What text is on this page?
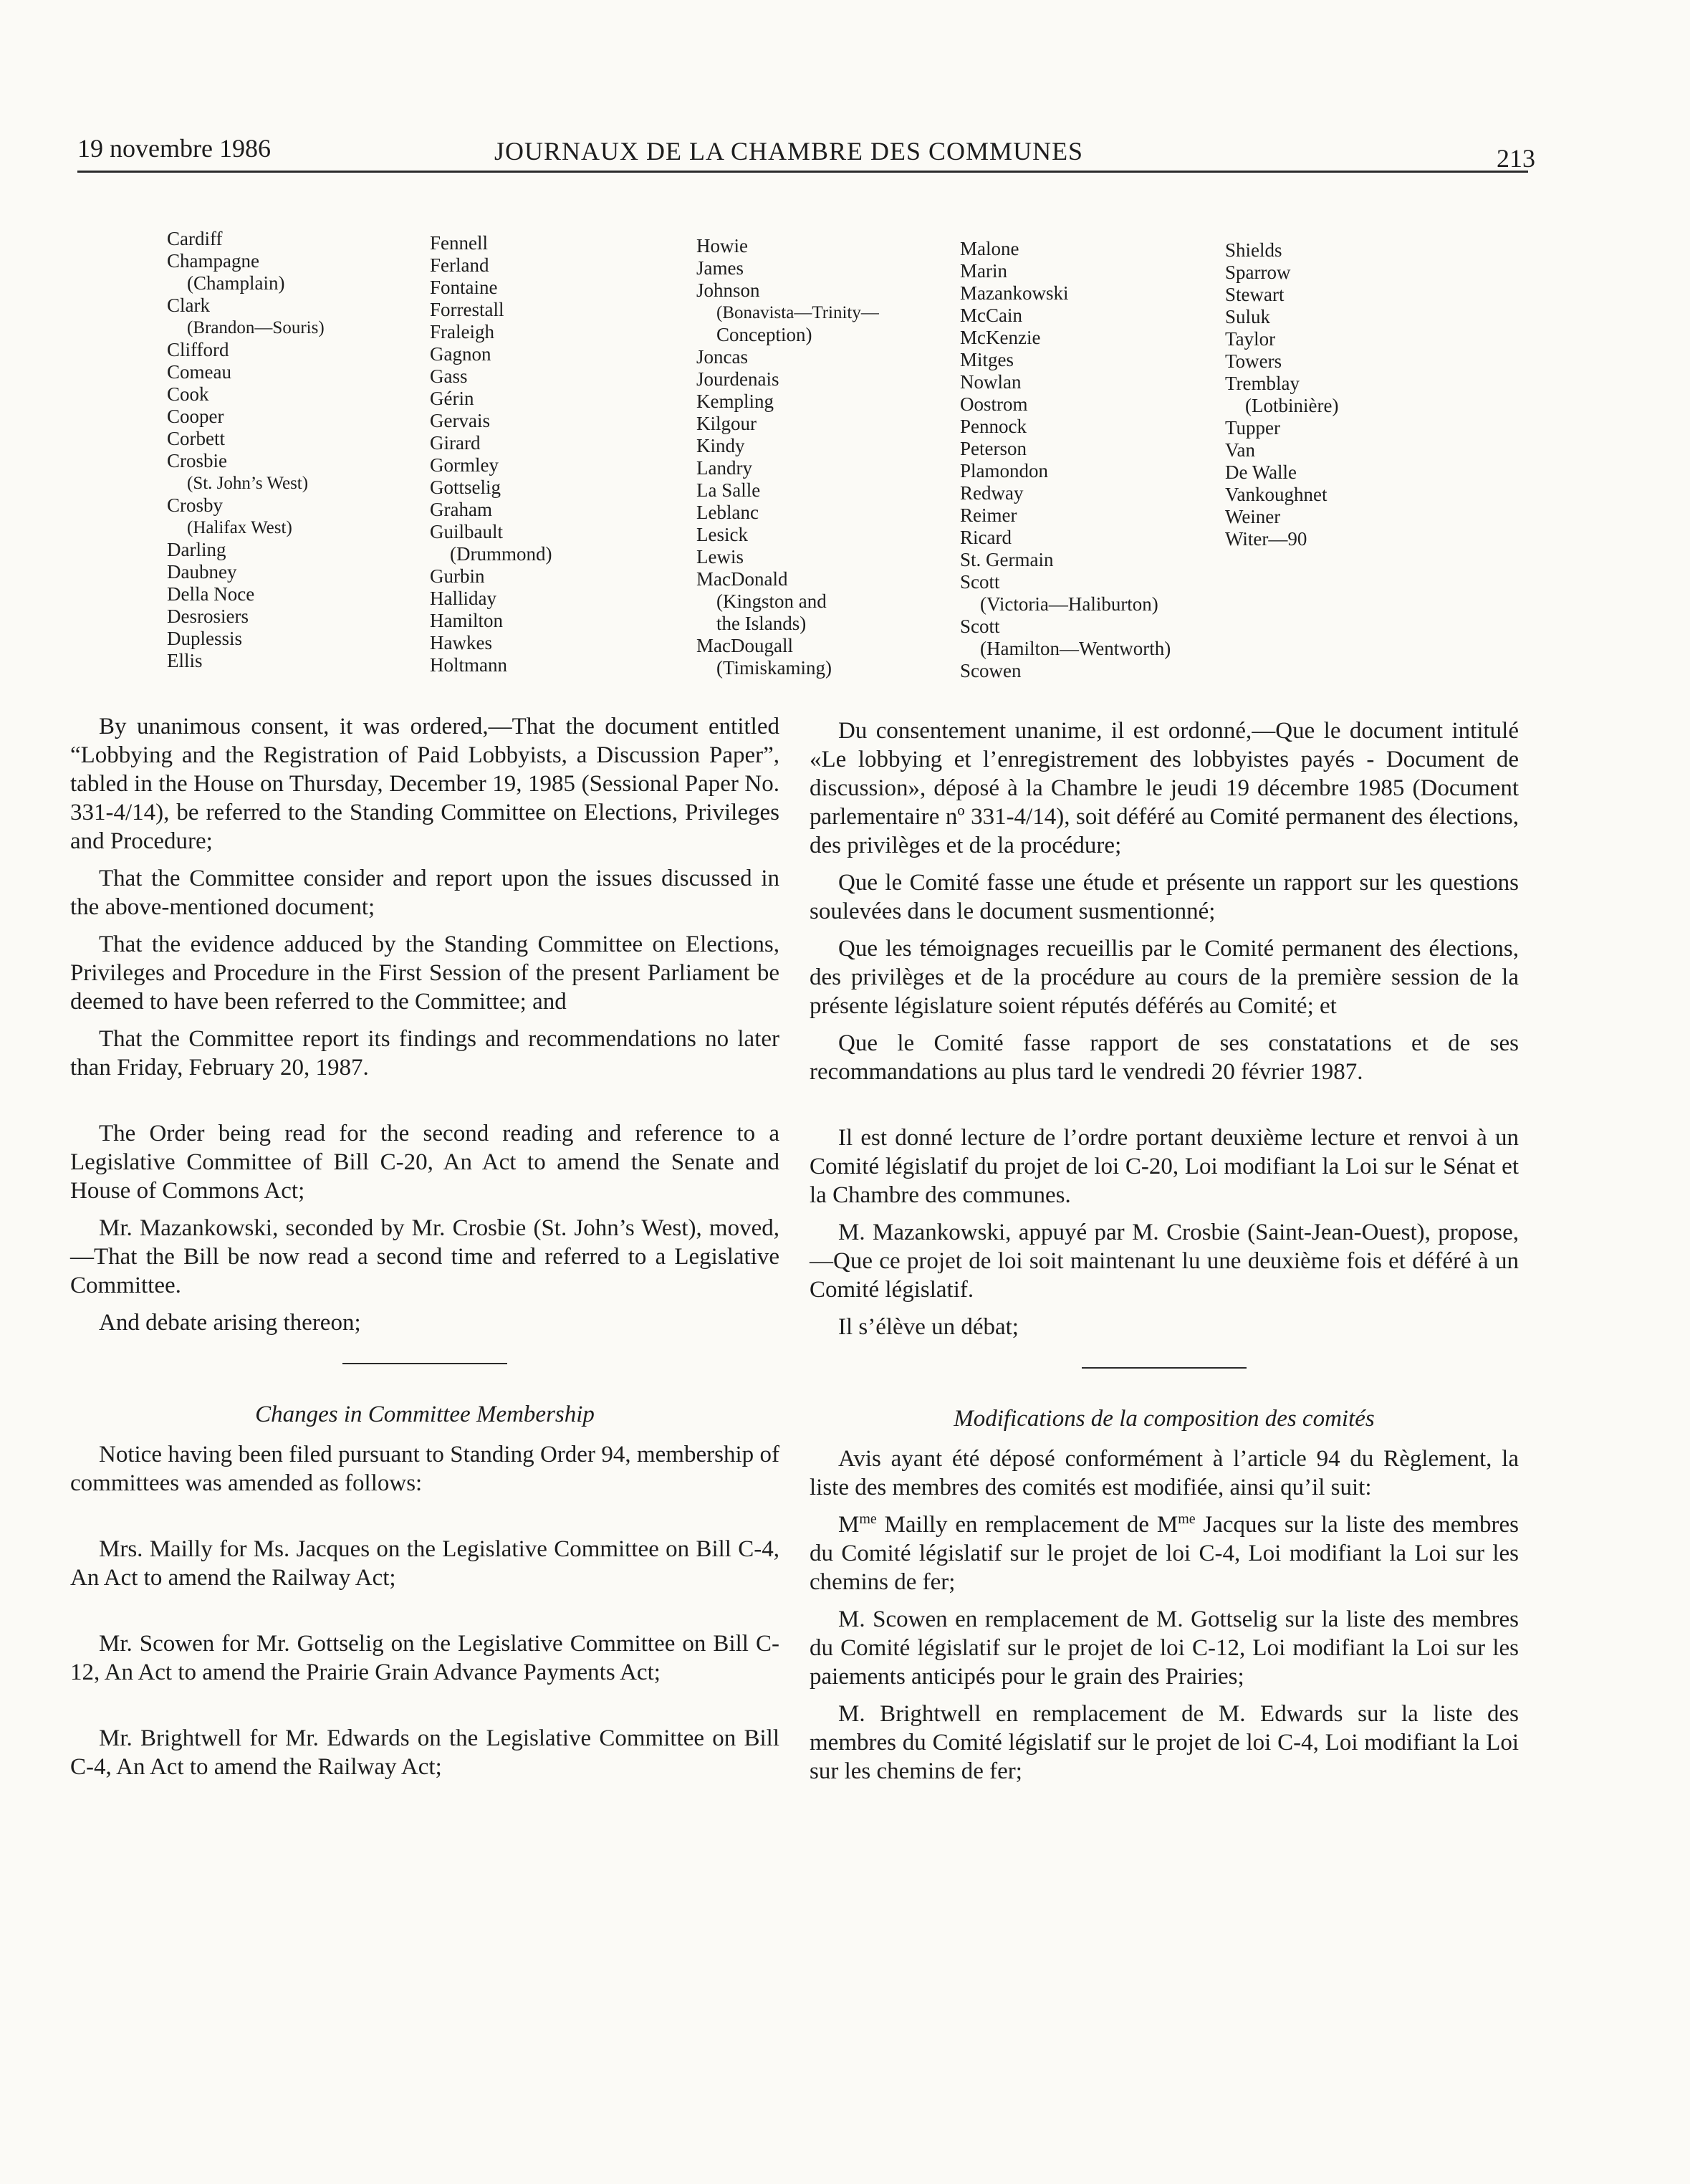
19 novembre 1986	JOURNAUX DE LA CHAMBRE DES COMMUNES	213
Cardiff
Champagne
(Champlain)
Clark
(Brandon—Souris)
Clifford
Comeau
Cook
Cooper
Corbett
Crosbie
(St. John’s West)
Crosby
(Halifax West)
Darling
Daubney
Della Noce
Desrosiers
Duplessis
Ellis
Fennell
Ferland
Fontaine
Forrestall
Fraleigh
Gagnon
Gass
Gérin
Gervais
Girard
Gormley
Gottselig
Graham
Guilbault
(Drummond)
Gurbin
Halliday
Hamilton
Hawkes
Holtmann
Howie
James
Johnson
(Bonavista—Trinity—
Conception)
Joncas
Jourdenais
Kempling
Kilgour
Kindy
Landry
La Salle
Leblanc
Lesick
Lewis
MacDonald
(Kingston and
the Islands)
MacDougall
(Timiskaming)
Malone
Marin
Mazankowski
McCain
McKenzie
Mitges
Nowlan
Oostrom
Pennock
Peterson
Plamondon
Redway
Reimer
Ricard
St. Germain
Scott
(Victoria—Haliburton)
Scott
(Hamilton—Wentworth)
Scowen
Shields
Sparrow
Stewart
Suluk
Taylor
Towers
Tremblay
(Lotbinière)
Tupper
Van
De Walle
Vankoughnet
Weiner
Witer—90

By unanimous consent, it was ordered,—That the document entitled “Lobbying and the Registration of Paid Lobbyists, a Discussion Paper”, tabled in the House on Thursday, December 19, 1985 (Sessional Paper No. 331-4/14), be referred to the Standing Committee on Elections, Privileges and Procedure;

That the Committee consider and report upon the issues discussed in the above-mentioned document;

That the evidence adduced by the Standing Committee on Elections, Privileges and Procedure in the First Session of the present Parliament be deemed to have been referred to the Committee; and

That the Committee report its findings and recommendations no later than Friday, February 20, 1987.

The Order being read for the second reading and reference to a Legislative Committee of Bill C-20, An Act to amend the Senate and House of Commons Act;

Mr. Mazankowski, seconded by Mr. Crosbie (St. John’s West), moved,—That the Bill be now read a second time and referred to a Legislative Committee.

And debate arising thereon;

Changes in Committee Membership

Notice having been filed pursuant to Standing Order 94, membership of committees was amended as follows:

Mrs. Mailly for Ms. Jacques on the Legislative Committee on Bill C-4, An Act to amend the Railway Act;

Mr. Scowen for Mr. Gottselig on the Legislative Committee on Bill C-12, An Act to amend the Prairie Grain Advance Payments Act;

Mr. Brightwell for Mr. Edwards on the Legislative Committee on Bill C-4, An Act to amend the Railway Act;

Du consentement unanime, il est ordonné,—Que le document intitulé «Le lobbying et l’enregistrement des lobbyistes payés - Document de discussion», déposé à la Chambre le jeudi 19 décembre 1985 (Document parlementaire nº 331-4/14), soit déféré au Comité permanent des élections, des privilèges et de la procédure;

Que le Comité fasse une étude et présente un rapport sur les questions soulevées dans le document susmentionné;

Que les témoignages recueillis par le Comité permanent des élections, des privilèges et de la procédure au cours de la première session de la présente législature soient réputés déférés au Comité; et

Que le Comité fasse rapport de ses constatations et de ses recommandations au plus tard le vendredi 20 février 1987.

Il est donné lecture de l’ordre portant deuxième lecture et renvoi à un Comité législatif du projet de loi C-20, Loi modifiant la Loi sur le Sénat et la Chambre des communes.

M. Mazankowski, appuyé par M. Crosbie (Saint-Jean-Ouest), propose,—Que ce projet de loi soit maintenant lu une deuxième fois et déféré à un Comité législatif.

Il s’élève un débat;

Modifications de la composition des comités

Avis ayant été déposé conformément à l’article 94 du Règlement, la liste des membres des comités est modifiée, ainsi qu’il suit:

$M^{me}$ Mailly en remplacement de $M^{me}$ Jacques sur la liste des membres du Comité législatif sur le projet de loi C-4, Loi modifiant la Loi sur les chemins de fer;

M. Scowen en remplacement de M. Gottselig sur la liste des membres du Comité législatif sur le projet de loi C-12, Loi modifiant la Loi sur les paiements anticipés pour le grain des Prairies;

M. Brightwell en remplacement de M. Edwards sur la liste des membres du Comité législatif sur le projet de loi C-4, Loi modifiant la Loi sur les chemins de fer;
